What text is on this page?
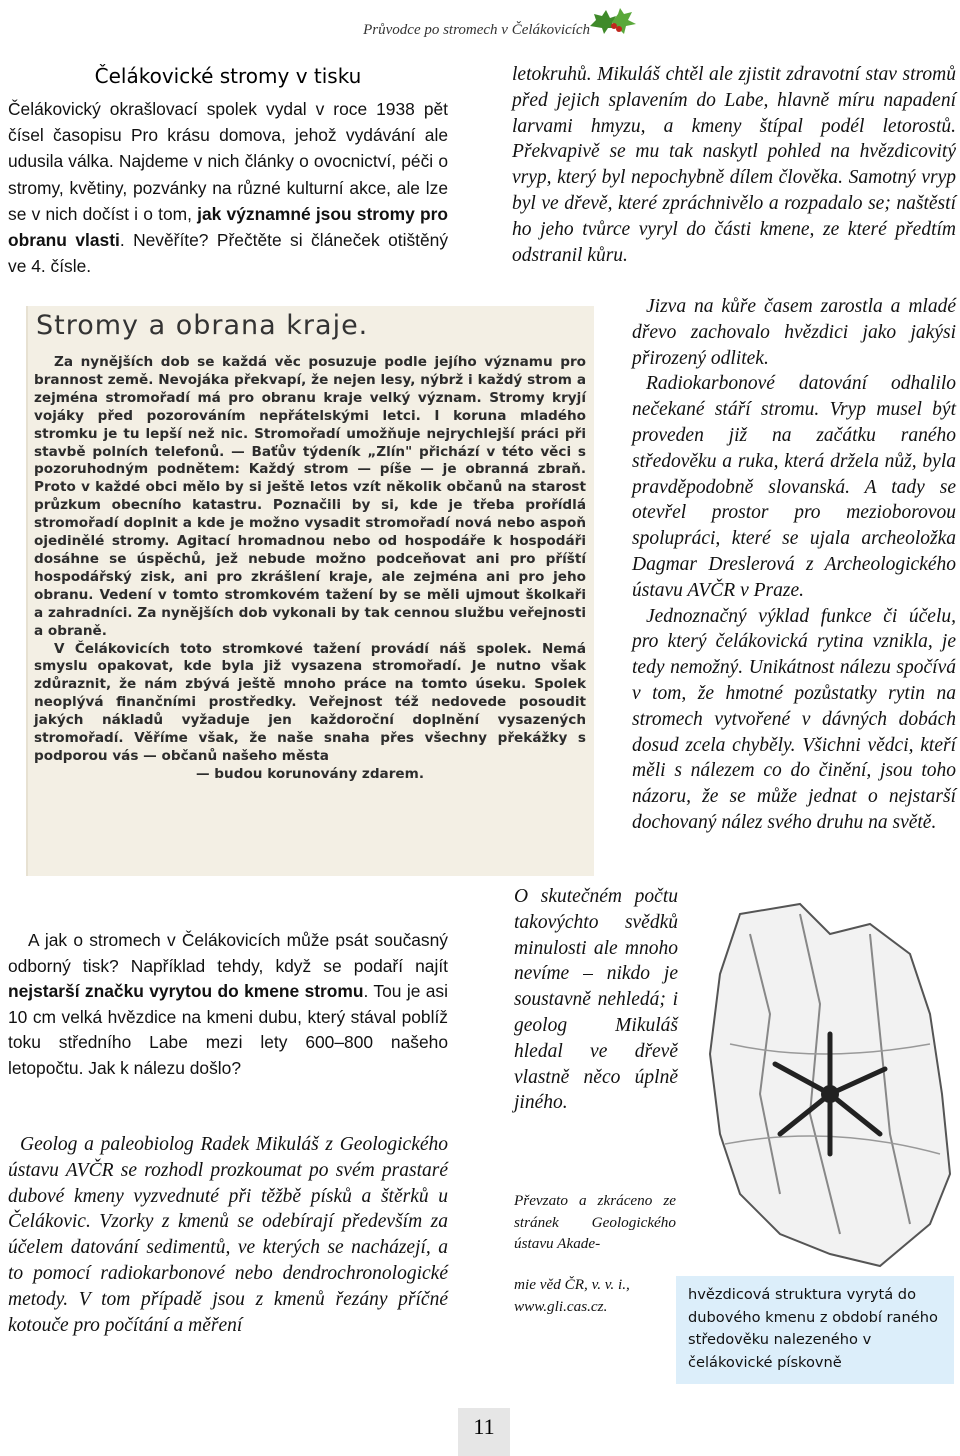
Průvodce po stromech v Čelákovicích
Čelákovické stromy v tisku
Čelákovický okrašlovací spolek vydal v roce 1938 pět čísel časopisu Pro krásu domova, jehož vydávání ale udusila válka. Najdeme v nich články o ovocnictví, péči o stromy, květiny, pozvánky na různé kulturní akce, ale lze se v nich dočíst i o tom, jak významné jsou stromy pro obranu vlasti. Nevěříte? Přečtěte si článeček otištěný ve 4. čísle.
Stromy a obrana kraje.

Za nynějších dob se každá věc posuzuje podle jejího významu pro brannost země. Nevojáka překvapí, že nejen lesy, nýbrž i každý strom a zejména stromořadí má pro obranu kraje velký význam. Stromy kryjí vojáky před pozorováním nepřátelskými letci. I koruna mladého stromku je tu lepší než nic. Stromořadí umožňuje nejrychlejší práci při stavbě polních telefonů. — Baťův týdeník „Zlín" přichází v této věci s pozoruhodným podnětem: Každý strom — píše — je obranná zbraň. Proto v každé obci mělo by si ještě letos vzít několik občanů na starost průzkum obecního katastru. Poznačili by si, kde je třeba prořídlá stromořadí doplnit a kde je možno vysadit stromořadí nová nebo aspoň ojedinělé stromy. Agitací hromadnou nebo od hospodáře k hospodáři dosáhne se úspěchů, jež nebude možno podceňovat ani pro příští hospodářský zisk, ani pro zkrášlení kraje, ale zejména ani pro jeho obranu. Vedení v tomto stromkovém tažení by se měli ujmout školkaři a zahradníci. Za nynějších dob vykonali by tak cennou službu veřejnosti a obraně.

V Čelákovicích toto stromkové tažení provádí náš spolek. Nemá smyslu opakovat, kde byla již vysazena stromořadí. Je nutno však zdůraznit, že nám zbývá ještě mnoho práce na tomto úseku. Spolek neoplývá finančními prostředky. Veřejnost též nedovede posoudit jakých nákladů vyžaduje jen každoroční doplnění vysazených stromořadí. Věříme však, že naše snaha přes všechny překážky s podporou vás — občanů našeho města

— budou korunovány zdarem.

A jak o stromech v Čelákovicích může psát současný odborný tisk? Například tehdy, když se podaří najít nejstarší značku vyrytou do kmene stromu. Tou je asi 10 cm velká hvězdice na kmeni dubu, který stával poblíž toku středního Labe mezi lety 600–800 našeho letopočtu. Jak k nálezu došlo?

Geolog a paleobiolog Radek Mikuláš z Geologického ústavu AVČR se rozhodl prozkoumat po svém prastaré dubové kmeny vyzvednuté při těžbě písků a štěrků u Čelákovic. Vzorky z kmenů se odebírají především za účelem datování sedimentů, ve kterých se nacházejí, a to pomocí radiokarbonové nebo dendrochronologické metody. V tom případě jsou z kmenů řezány příčné kotouče pro počítání a měření

letokruhů. Mikuláš chtěl ale zjistit zdravotní stav stromů před jejich splavením do Labe, hlavně míru napadení larvami hmyzu, a kmeny štípal podél letorostů. Překvapivě se mu tak naskytl pohled na hvězdicovitý vryp, který byl nepochybně dílem člověka. Samotný vryp byl ve dřevě, které zpráchnivělo a rozpadalo se; naštěstí ho jeho tvůrce vyryl do části kmene, ze které předtím odstranil kůru.

Jizva na kůře časem zarostla a mladé dřevo zachovalo hvězdici jako jakýsi přirozený odlitek.

Radiokarbonové datování odhalilo nečekané stáří stromu. Vryp musel být proveden již na začátku raného středověku a ruka, která držela nůž, byla pravděpodobně slovanská. A tady se otevřel prostor pro mezioborovou spolupráci, které se ujala archeoložka Dagmar Dreslerová z Archeologického ústavu AVČR v Praze.

Jednoznačný výklad funkce či účelu, pro který čelákovická rytina vznikla, je tedy nemožný. Unikátnost nálezu spočívá v tom, že hmotné pozůstatky rytin na stromech vytvořené v dávných dobách dosud zcela chyběly. Všichni vědci, kteří měli s nálezem co do činění, jsou toho názoru, že se může jednat o nejstarší dochovaný nález svého druhu na světě.

O skutečném počtu takovýchto svědků minulosti ale mnoho nevíme – nikdo je soustavně nehledá; i geolog Mikuláš hledal ve dřevě vlastně něco úplně jiného.
Převzato a zkráceno ze stránek Geologického ústavu Akade-
mie věd ČR, v. v. i., www.gli.cas.cz.
hvězdicová struktura vyrytá do dubového kmenu z období raného středověku nalezeného v čelákovické pískovně
11
